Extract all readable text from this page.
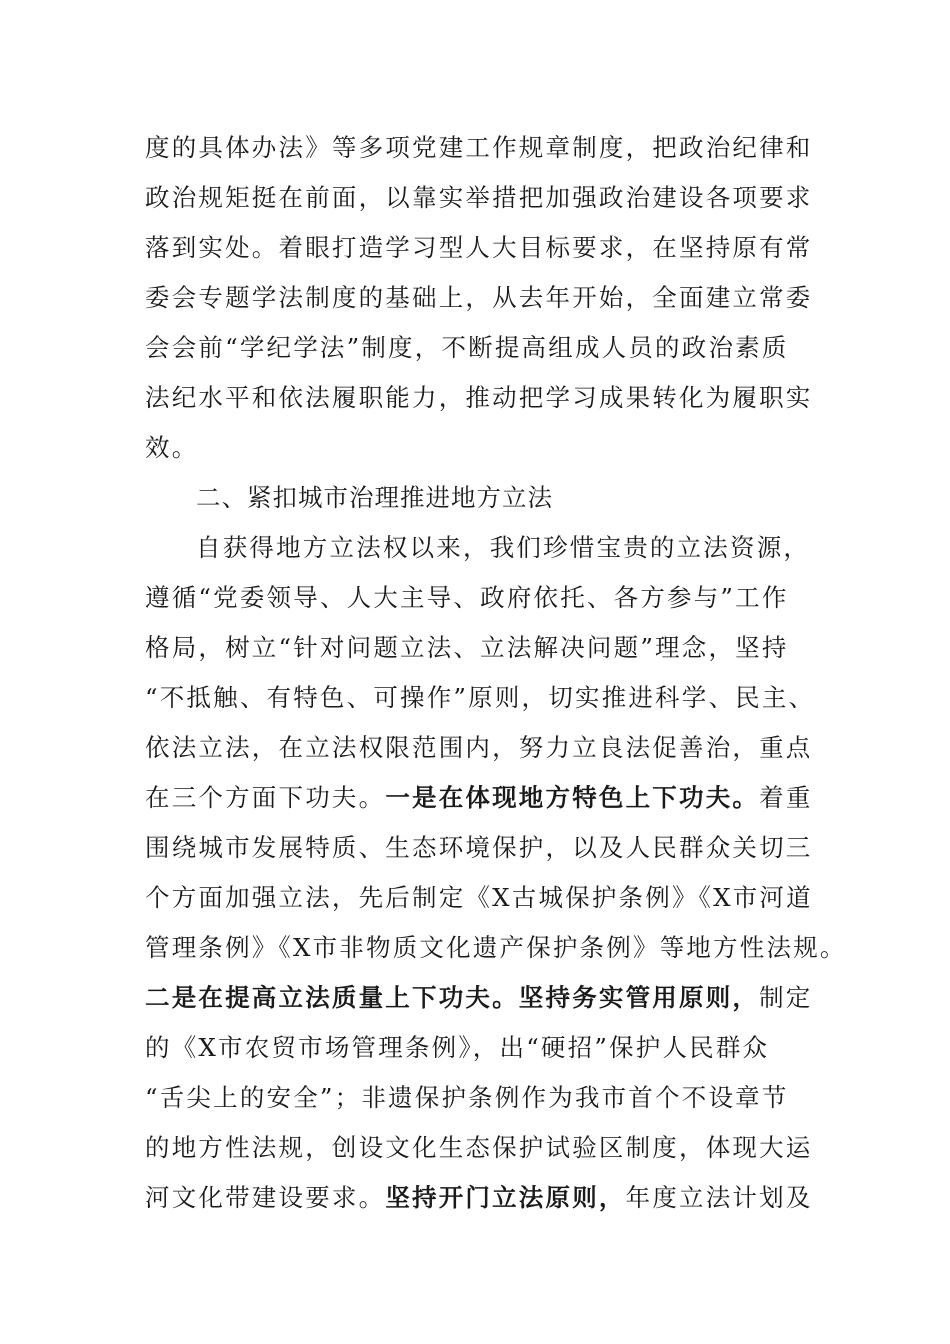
度的具体办法》等多项党建工作规章制度，把政治纪律和
政治规矩挺在前面，以靠实举措把加强政治建设各项要求
落到实处。着眼打造学习型人大目标要求，在坚持原有常
委会专题学法制度的基础上，从去年开始，全面建立常委
会会前“学纪学法”制度，不断提高组成人员的政治素质
法纪水平和依法履职能力，推动把学习成果转化为履职实
效。
二、紧扣城市治理推进地方立法
自获得地方立法权以来，我们珍惜宝贵的立法资源，
遵循“党委领导、人大主导、政府依托、各方参与”工作
格局，树立“针对问题立法、立法解决问题”理念，坚持
“不抵触、有特色、可操作”原则，切实推进科学、民主、
依法立法，在立法权限范围内，努力立良法促善治，重点
在三个方面下功夫。一是在体现地方特色上下功夫。着重
围绕城市发展特质、生态环境保护，以及人民群众关切三
个方面加强立法，先后制定《X古城保护条例》《X市河道
管理条例》《X市非物质文化遗产保护条例》等地方性法规。
二是在提高立法质量上下功夫。坚持务实管用原则，制定
的《X市农贸市场管理条例》，出“硬招”保护人民群众
“舌尖上的安全”；非遗保护条例作为我市首个不设章节
的地方性法规，创设文化生态保护试验区制度，体现大运
河文化带建设要求。坚持开门立法原则，年度立法计划及
